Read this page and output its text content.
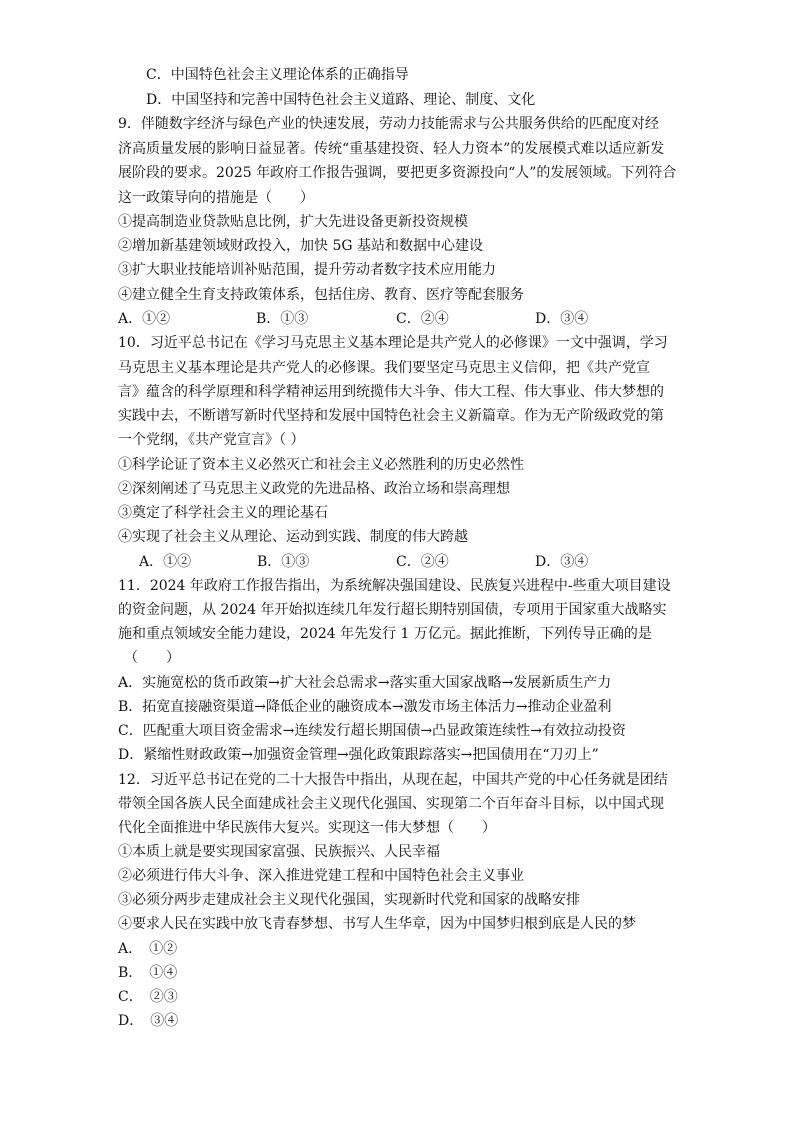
C．中国特色社会主义理论体系的正确指导
D．中国坚持和完善中国特色社会主义道路、理论、制度、文化
9．伴随数字经济与绿色产业的快速发展，劳动力技能需求与公共服务供给的匹配度对经
济高质量发展的影响日益显著。传统“重基建投资、轻人力资本”的发展模式难以适应新发
展阶段的要求。2025 年政府工作报告强调，要把更多资源投向“人”的发展领域。下列符合
这一政策导向的措施是（　　）
①提高制造业贷款贴息比例，扩大先进设备更新投资规模
②增加新基建领域财政投入，加快 5G 基站和数据中心建设
③扩大职业技能培训补贴范围，提升劳动者数字技术应用能力
④建立健全生育支持政策体系，包括住房、教育、医疗等配套服务
A．①②	B．①③	C．②④	D．③④
10．习近平总书记在《学习马克思主义基本理论是共产党人的必修课》一文中强调，学习
马克思主义基本理论是共产党人的必修课。我们要坚定马克思主义信仰，把《共产党宣
言》蕴含的科学原理和科学精神运用到统揽伟大斗争、伟大工程、伟大事业、伟大梦想的
实践中去，不断谱写新时代坚持和发展中国特色社会主义新篇章。作为无产阶级政党的第
一个党纲，《共产党宣言》（ ）
①科学论证了资本主义必然灭亡和社会主义必然胜利的历史必然性
②深刻阐述了马克思主义政党的先进品格、政治立场和崇高理想
③奠定了科学社会主义的理论基石
④实现了社会主义从理论、运动到实践、制度的伟大跨越
A．①②	B．①③	C．②④	D．③④
11．2024 年政府工作报告指出，为系统解决强国建设、民族复兴进程中-些重大项目建设
的资金问题，从 2024 年开始拟连续几年发行超长期特别国债，专项用于国家重大战略实
施和重点领域安全能力建设，2024 年先发行 1 万亿元。据此推断，下列传导正确的是
（　　）
A．实施宽松的货币政策→扩大社会总需求→落实重大国家战略→发展新质生产力
B．拓宽直接融资渠道→降低企业的融资成本→激发市场主体活力→推动企业盈利
C．匹配重大项目资金需求→连续发行超长期国债→凸显政策连续性→有效拉动投资
D．紧缩性财政政策→加强资金管理→强化政策跟踪落实→把国债用在“刀刃上”
12．习近平总书记在党的二十大报告中指出，从现在起，中国共产党的中心任务就是团结
带领全国各族人民全面建成社会主义现代化强国、实现第二个百年奋斗目标，以中国式现
代化全面推进中华民族伟大复兴。实现这一伟大梦想（　　）
①本质上就是要实现国家富强、民族振兴、人民幸福
②必须进行伟大斗争、深入推进党建工程和中国特色社会主义事业
③必须分两步走建成社会主义现代化强国，实现新时代党和国家的战略安排
④要求人民在实践中放飞青春梦想、书写人生华章，因为中国梦归根到底是人民的梦
A．　①②
B．　①④
C．　②③
D．　③④
